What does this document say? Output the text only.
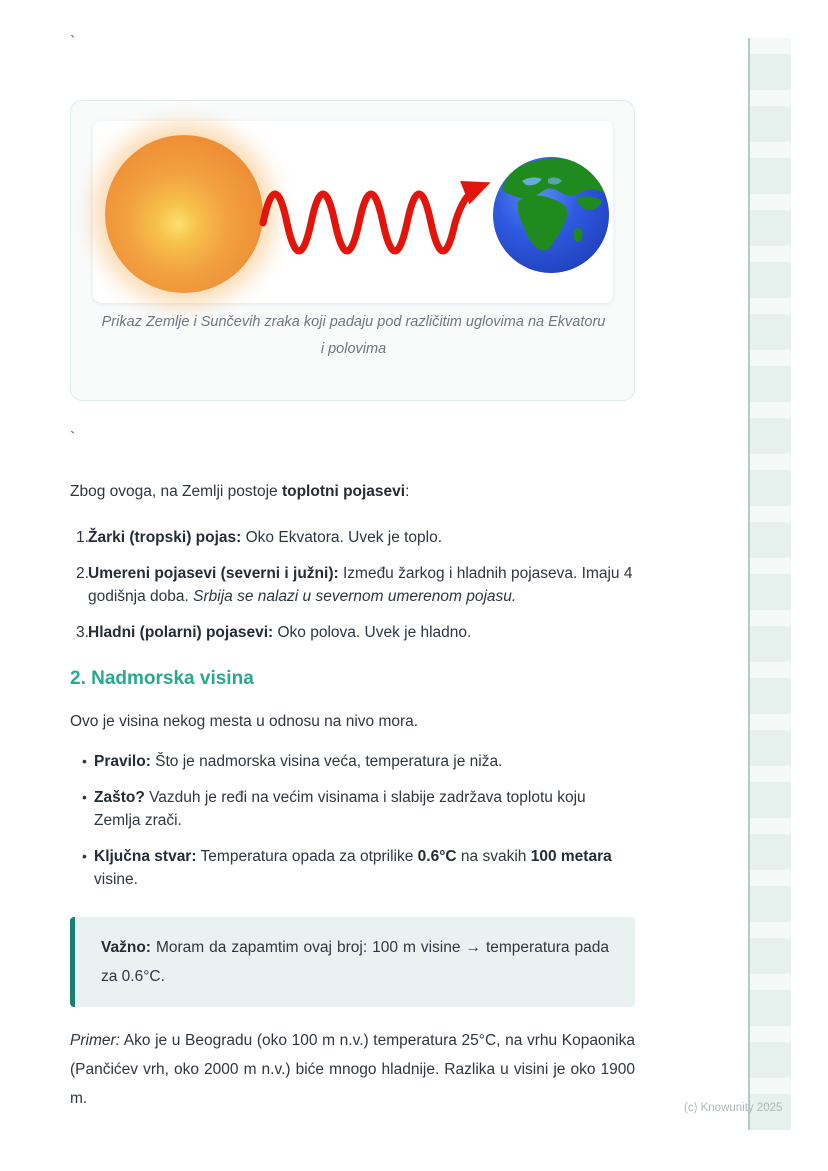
`
Prikaz Zemlje i Sunčevih zraka koji padaju pod različitim uglovima na Ekvatoru i polovima
`
Zbog ovoga, na Zemlji postoje toplotni pojasevi:
1. Žarki (tropski) pojas: Oko Ekvatora. Uvek je toplo.
2. Umereni pojasevi (severni i južni): Između žarkog i hladnih pojaseva. Imaju 4 godišnja doba. Srbija se nalazi u severnom umerenom pojasu.
3. Hladni (polarni) pojasevi: Oko polova. Uvek je hladno.
2. Nadmorska visina
Ovo je visina nekog mesta u odnosu na nivo mora.
• Pravilo: Što je nadmorska visina veća, temperatura je niža.
• Zašto? Vazduh je ređi na većim visinama i slabije zadržava toplotu koju Zemlja zrači.
• Ključna stvar: Temperatura opada za otprilike 0.6°C na svakih 100 metara visine.
Važno: Moram da zapamtim ovaj broj: 100 m visine → temperatura pada za 0.6°C.
Primer: Ako je u Beogradu (oko 100 m n.v.) temperatura 25°C, na vrhu Kopaonika (Pančićev vrh, oko 2000 m n.v.) biće mnogo hladnije. Razlika u visini je oko 1900 m.
(c) Knowunity 2025
